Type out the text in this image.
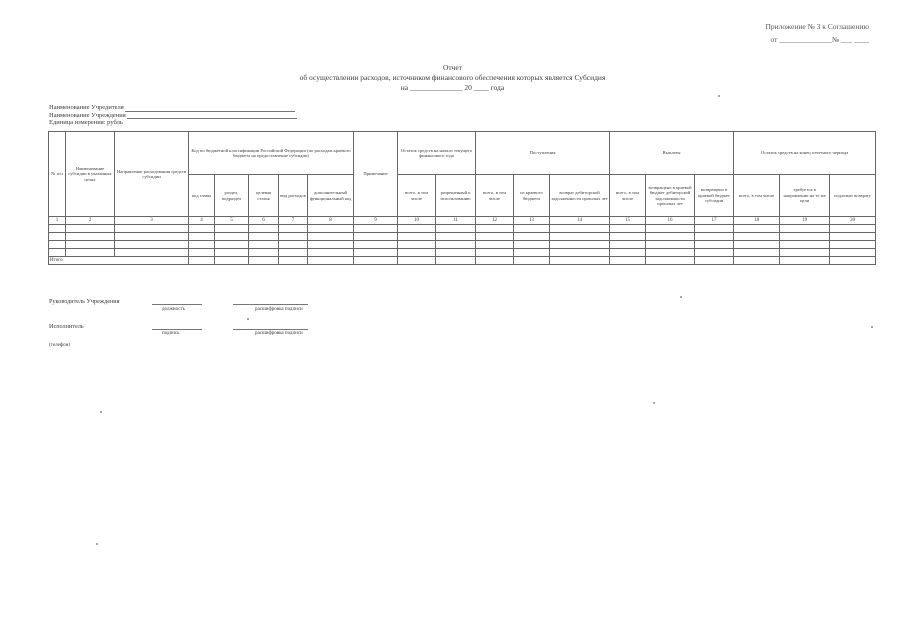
Приложение № 3 к Соглашению
от ______________№ ___ ____
Отчет
об осуществлении расходов, источником финансового обеспечения которых является Субсидия
на ______________ 20 ____ года
Наименование Учредителя
Наименование Учреждения
Единица измерения: рубль
№ п/п	Наименование субсидии в указанных целях	Направление расходования средств субсидии	Код по бюджетной классификации Российской Федерации (по расходам краевого бюджета на предоставление субсидии)					Примечание	Остаток средств на начало текущего финансового года		Поступления			Выплаты			Остаток средств на конец отчетного периода		
			код главы	раздел, подраздел	целевая статья	вид расходов	дополнительный функциональный код		всего, в том числе	разрешенный к использованию	всего, в том числе	из краевого бюджета	возврат дебиторской задолженности прошлых лет	всего, в том числе	возвращено в краевой бюджет дебиторской задолженности прошлых лет	возвращено в краевой бюджет субсидии	всего, в том числе	требуется в направлении на те же цели	подлежит возврату
1	2	3	4	5	6	7	8	9	10	11	12	13	14	15	16	17	18	19	20

Итого																			
Руководитель Учреждения
должность	расшифровка подписи
Исполнитель
подпись	расшифровка подписи
(телефон)
